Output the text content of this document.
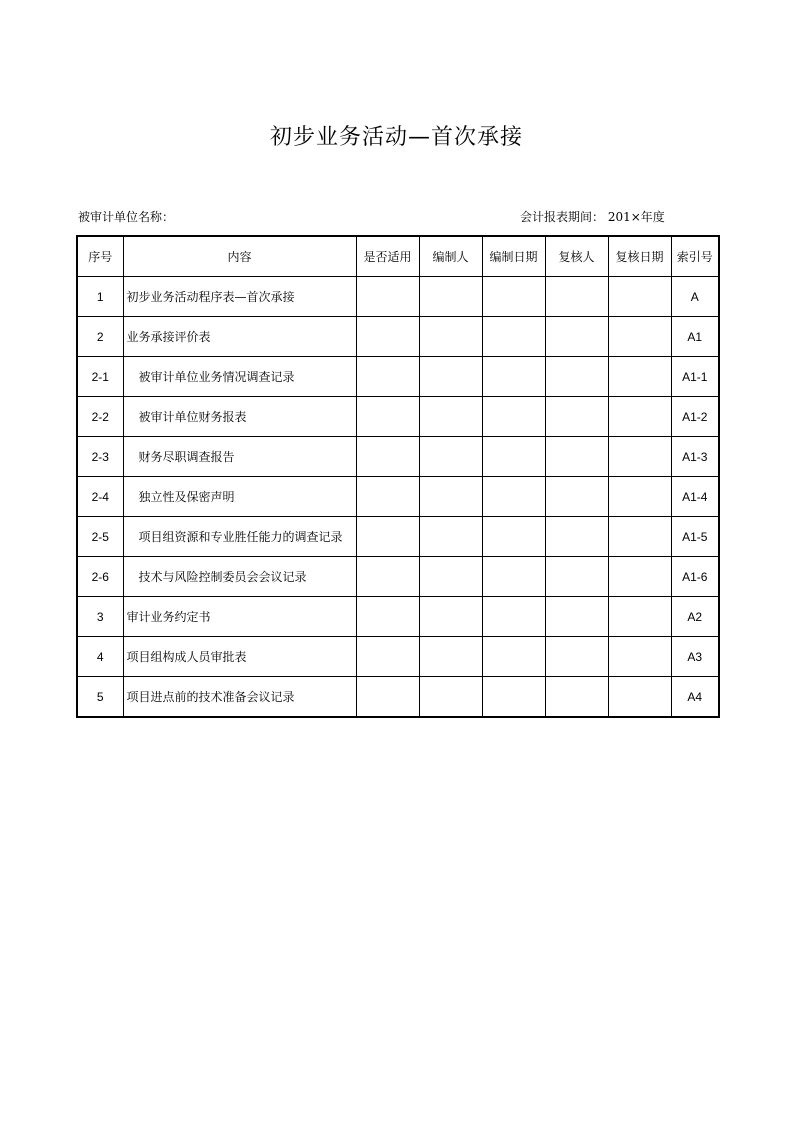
初步业务活动—首次承接
被审计单位名称：	会计报表期间： 201×年度
序号	内容	是否适用	编制人	编制日期	复核人	复核日期	索引号
1	初步业务活动程序表—首次承接						A
2	业务承接评价表						A1
2-1	被审计单位业务情况调查记录						A1-1
2-2	被审计单位财务报表						A1-2
2-3	财务尽职调查报告						A1-3
2-4	独立性及保密声明						A1-4
2-5	项目组资源和专业胜任能力的调查记录						A1-5
2-6	技术与风险控制委员会会议记录						A1-6
3	审计业务约定书						A2
4	项目组构成人员审批表						A3
5	项目进点前的技术准备会议记录						A4
